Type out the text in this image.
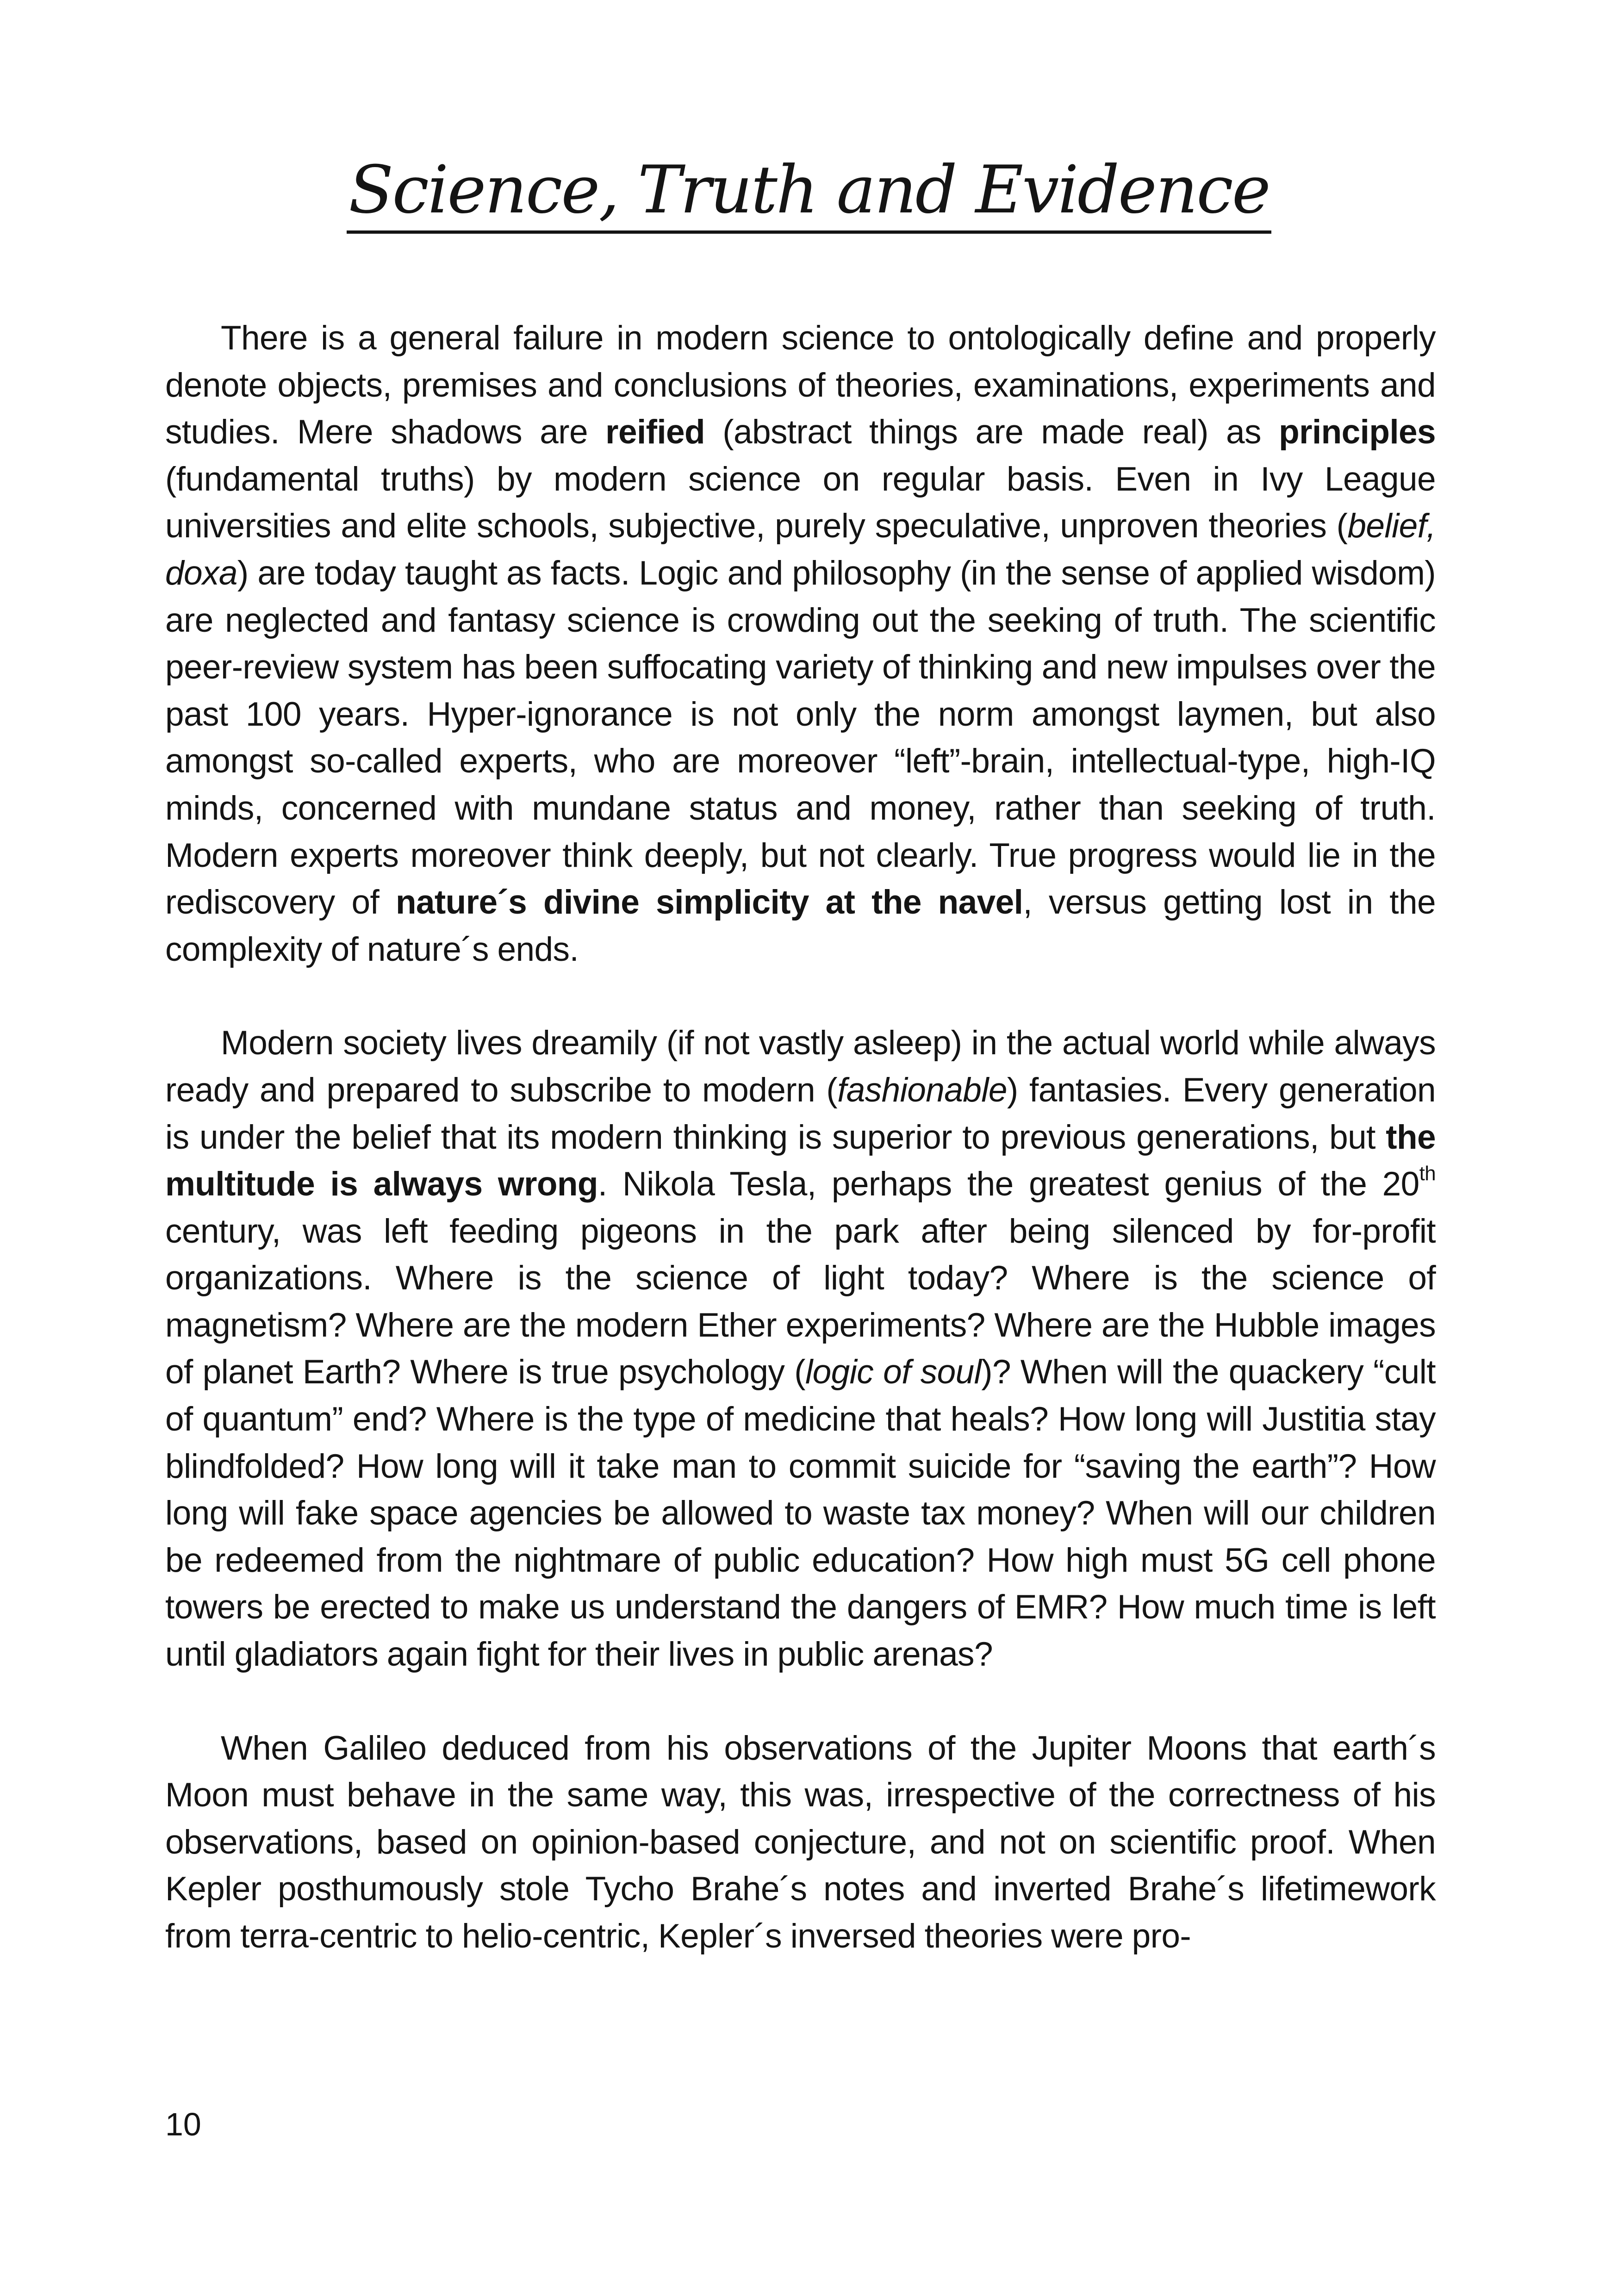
Science, Truth and Evidence

There is a general failure in modern science to ontologically define and properly denote objects, premises and conclusions of theories, examinations, experiments and studies. Mere shadows are reified (abstract things are made real) as principles (fundamental truths) by modern science on regular basis. Even in Ivy League universities and elite schools, subjective, purely speculative, unproven theories (belief, doxa) are today taught as facts. Logic and philosophy (in the sense of applied wisdom) are neglected and fantasy science is crowding out the seeking of truth. The scientific peer-review system has been suffocating variety of thinking and new impulses over the past 100 years. Hyper-ignorance is not only the norm amongst laymen, but also amongst so-called experts, who are moreover “left”-brain, intellectual-type, high-IQ minds, concerned with mundane status and money, rather than seeking of truth. Modern experts moreover think deeply, but not clearly. True progress would lie in the rediscovery of nature´s divine simplicity at the navel, versus getting lost in the complexity of nature´s ends.

Modern society lives dreamily (if not vastly asleep) in the actual world while always ready and prepared to subscribe to modern (fashionable) fantasies. Every generation is under the belief that its modern thinking is superior to previous generations, but the multitude is always wrong. Nikola Tesla, perhaps the greatest genius of the 20th century, was left feeding pigeons in the park after being silenced by for-profit organizations. Where is the science of light today? Where is the science of magnetism? Where are the modern Ether experiments? Where are the Hubble images of planet Earth? Where is true psychology (logic of soul)? When will the quackery “cult of quantum” end? Where is the type of medicine that heals? How long will Justitia stay blindfolded? How long will it take man to commit suicide for “saving the earth”? How long will fake space agencies be allowed to waste tax money? When will our children be redeemed from the nightmare of public education? How high must 5G cell phone towers be erected to make us understand the dangers of EMR? How much time is left until gladiators again fight for their lives in public arenas?

When Galileo deduced from his observations of the Jupiter Moons that earth´s Moon must behave in the same way, this was, irrespective of the correctness of his observations, based on opinion-based conjecture, and not on scientific proof. When Kepler posthumously stole Tycho Brahe´s notes and inverted Brahe´s lifetimework from terra-centric to helio-centric, Kepler´s inversed theories were pro-

10
